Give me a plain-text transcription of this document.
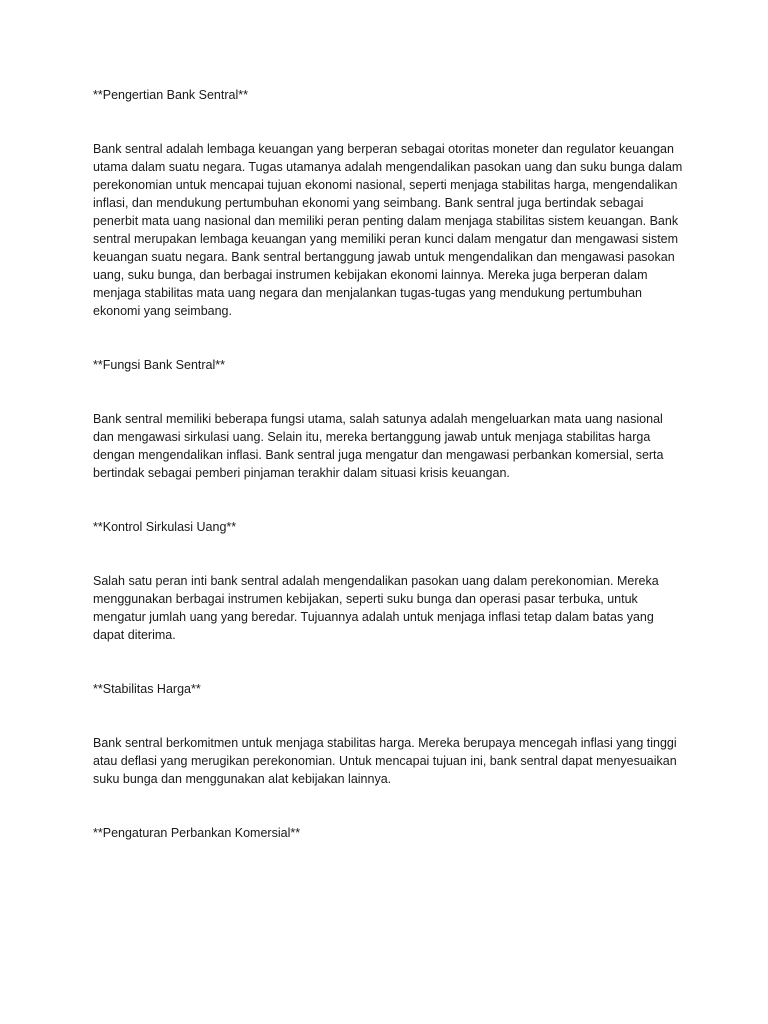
**Pengertian Bank Sentral**

Bank sentral adalah lembaga keuangan yang berperan sebagai otoritas moneter dan regulator keuangan utama dalam suatu negara. Tugas utamanya adalah mengendalikan pasokan uang dan suku bunga dalam perekonomian untuk mencapai tujuan ekonomi nasional, seperti menjaga stabilitas harga, mengendalikan inflasi, dan mendukung pertumbuhan ekonomi yang seimbang. Bank sentral juga bertindak sebagai penerbit mata uang nasional dan memiliki peran penting dalam menjaga stabilitas sistem keuangan. Bank sentral merupakan lembaga keuangan yang memiliki peran kunci dalam mengatur dan mengawasi sistem keuangan suatu negara. Bank sentral bertanggung jawab untuk mengendalikan dan mengawasi pasokan uang, suku bunga, dan berbagai instrumen kebijakan ekonomi lainnya. Mereka juga berperan dalam menjaga stabilitas mata uang negara dan menjalankan tugas-tugas yang mendukung pertumbuhan ekonomi yang seimbang.

**Fungsi Bank Sentral**

Bank sentral memiliki beberapa fungsi utama, salah satunya adalah mengeluarkan mata uang nasional dan mengawasi sirkulasi uang. Selain itu, mereka bertanggung jawab untuk menjaga stabilitas harga dengan mengendalikan inflasi. Bank sentral juga mengatur dan mengawasi perbankan komersial, serta bertindak sebagai pemberi pinjaman terakhir dalam situasi krisis keuangan.

**Kontrol Sirkulasi Uang**

Salah satu peran inti bank sentral adalah mengendalikan pasokan uang dalam perekonomian. Mereka menggunakan berbagai instrumen kebijakan, seperti suku bunga dan operasi pasar terbuka, untuk mengatur jumlah uang yang beredar. Tujuannya adalah untuk menjaga inflasi tetap dalam batas yang dapat diterima.

**Stabilitas Harga**

Bank sentral berkomitmen untuk menjaga stabilitas harga. Mereka berupaya mencegah inflasi yang tinggi atau deflasi yang merugikan perekonomian. Untuk mencapai tujuan ini, bank sentral dapat menyesuaikan suku bunga dan menggunakan alat kebijakan lainnya.

**Pengaturan Perbankan Komersial**
